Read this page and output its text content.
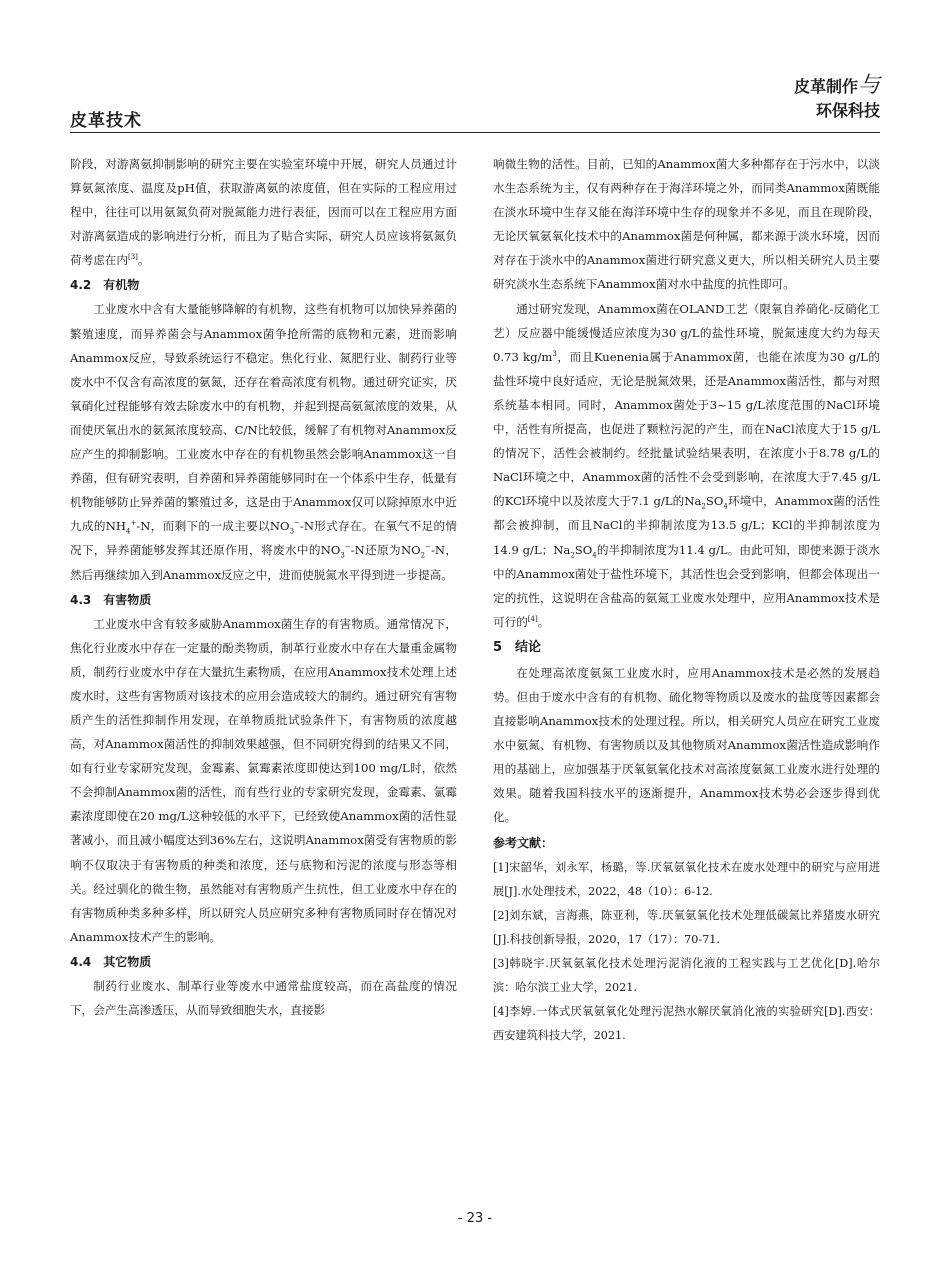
皮革技术
皮革制作与
环保科技

阶段，对游离氨抑制影响的研究主要在实验室环境中开展，研究人员通过计算氨氮浓度、温度及pH值，获取游离氨的浓度值，但在实际的工程应用过程中，往往可以用氨氮负荷对脱氮能力进行表征，因而可以在工程应用方面对游离氨造成的影响进行分析，而且为了贴合实际，研究人员应该将氨氮负荷考虑在内[3]。

4.2　有机物

工业废水中含有大量能够降解的有机物，这些有机物可以加快异养菌的繁殖速度，而异养菌会与Anammox菌争抢所需的底物和元素，进而影响Anammox反应，导致系统运行不稳定。焦化行业、氮肥行业、制药行业等废水中不仅含有高浓度的氨氮，还存在着高浓度有机物。通过研究证实，厌氧硝化过程能够有效去除废水中的有机物，并起到提高氨氮浓度的效果，从而使厌氧出水的氨氮浓度较高、C/N比较低，缓解了有机物对Anammox反应产生的抑制影响。工业废水中存在的有机物虽然会影响Anammox这一自养菌，但有研究表明，自养菌和异养菌能够同时在一个体系中生存，低量有机物能够防止异养菌的繁殖过多，这是由于Anammox仅可以除掉原水中近九成的$NH_4^+-N$，而剩下的一成主要以$NO_3^--N$形式存在。在氧气不足的情况下，异养菌能够发挥其还原作用，将废水中的$NO_3^--N$还原为$NO_2^--N$，然后再继续加入到Anammox反应之中，进而使脱氮水平得到进一步提高。

4.3　有害物质

工业废水中含有较多威胁Anammox菌生存的有害物质。通常情况下，焦化行业废水中存在一定量的酚类物质，制革行业废水中存在大量重金属物质，制药行业废水中存在大量抗生素物质，在应用Anammox技术处理上述废水时，这些有害物质对该技术的应用会造成较大的制约。通过研究有害物质产生的活性抑制作用发现，在单物质批试验条件下，有害物质的浓度越高，对Anammox菌活性的抑制效果越强，但不同研究得到的结果又不同，如有行业专家研究发现，金霉素、氯霉素浓度即使达到100 mg/L时，依然不会抑制Anammox菌的活性，而有些行业的专家研究发现，金霉素、氯霉素浓度即使在20 mg/L这种较低的水平下，已经致使Anammox菌的活性显著减小，而且减小幅度达到36%左右，这说明Anammox菌受有害物质的影响不仅取决于有害物质的种类和浓度，还与底物和污泥的浓度与形态等相关。经过驯化的微生物，虽然能对有害物质产生抗性，但工业废水中存在的有害物质种类多种多样，所以研究人员应研究多种有害物质同时存在情况对Anammox技术产生的影响。

4.4　其它物质

制药行业废水、制革行业等废水中通常盐度较高，而在高盐度的情况下，会产生高渗透压，从而导致细胞失水，直接影

响微生物的活性。目前，已知的Anammox菌大多种都存在于污水中，以淡水生态系统为主，仅有两种存在于海洋环境之外，而同类Anammox菌既能在淡水环境中生存又能在海洋环境中生存的现象并不多见，而且在现阶段，无论厌氧氨氧化技术中的Anammox菌是何种属，都来源于淡水环境，因而对存在于淡水中的Anammox菌进行研究意义更大，所以相关研究人员主要研究淡水生态系统下Anammox菌对水中盐度的抗性即可。

通过研究发现，Anammox菌在OLAND工艺（限氧自养硝化-反硝化工艺）反应器中能缓慢适应浓度为30 g/L的盐性环境，脱氮速度大约为每天0.73 $kg/m^3$，而且Kuenenia属于Anammox菌，也能在浓度为30 g/L的盐性环境中良好适应，无论是脱氮效果，还是Anammox菌活性，都与对照系统基本相同。同时，Anammox菌处于3~15 g/L浓度范围的NaCl环境中，活性有所提高，也促进了颗粒污泥的产生，而在NaCl浓度大于15 g/L的情况下，活性会被制约。经批量试验结果表明，在浓度小于8.78 g/L的NaCl环境之中，Anammox菌的活性不会受到影响，在浓度大于7.45 g/L的KCl环境中以及浓度大于7.1 g/L的$Na_2SO_4$环境中，Anammox菌的活性都会被抑制，而且NaCl的半抑制浓度为13.5 g/L；KCl的半抑制浓度为14.9 g/L；$Na_2SO_4$的半抑制浓度为11.4 g/L。由此可知，即使来源于淡水中的Anammox菌处于盐性环境下，其活性也会受到影响，但都会体现出一定的抗性，这说明在含盐高的氨氮工业废水处理中，应用Anammox技术是可行的[4]。

5　结论

在处理高浓度氨氮工业废水时，应用Anammox技术是必然的发展趋势。但由于废水中含有的有机物、硫化物等物质以及废水的盐度等因素都会直接影响Anammox技术的处理过程。所以，相关研究人员应在研究工业废水中氨氮、有机物、有害物质以及其他物质对Anammox菌活性造成影响作用的基础上，应加强基于厌氧氨氧化技术对高浓度氨氮工业废水进行处理的效果。随着我国科技水平的逐渐提升，Anammox技术势必会逐步得到优化。

参考文献：

[1]宋韶华，刘永军，杨璐，等.厌氧氨氧化技术在废水处理中的研究与应用进展[J].水处理技术，2022，48（10）：6-12.

[2]刘东斌，言海燕，陈亚利，等.厌氧氨氧化技术处理低碳氮比养猪废水研究[J].科技创新导报，2020，17（17）：70-71.

[3]韩晓宇.厌氧氨氧化技术处理污泥消化液的工程实践与工艺优化[D].哈尔滨：哈尔滨工业大学，2021.

[4]李婷.一体式厌氧氨氧化处理污泥热水解厌氧消化液的实验研究[D].西安：西安建筑科技大学，2021.

- 23 -
